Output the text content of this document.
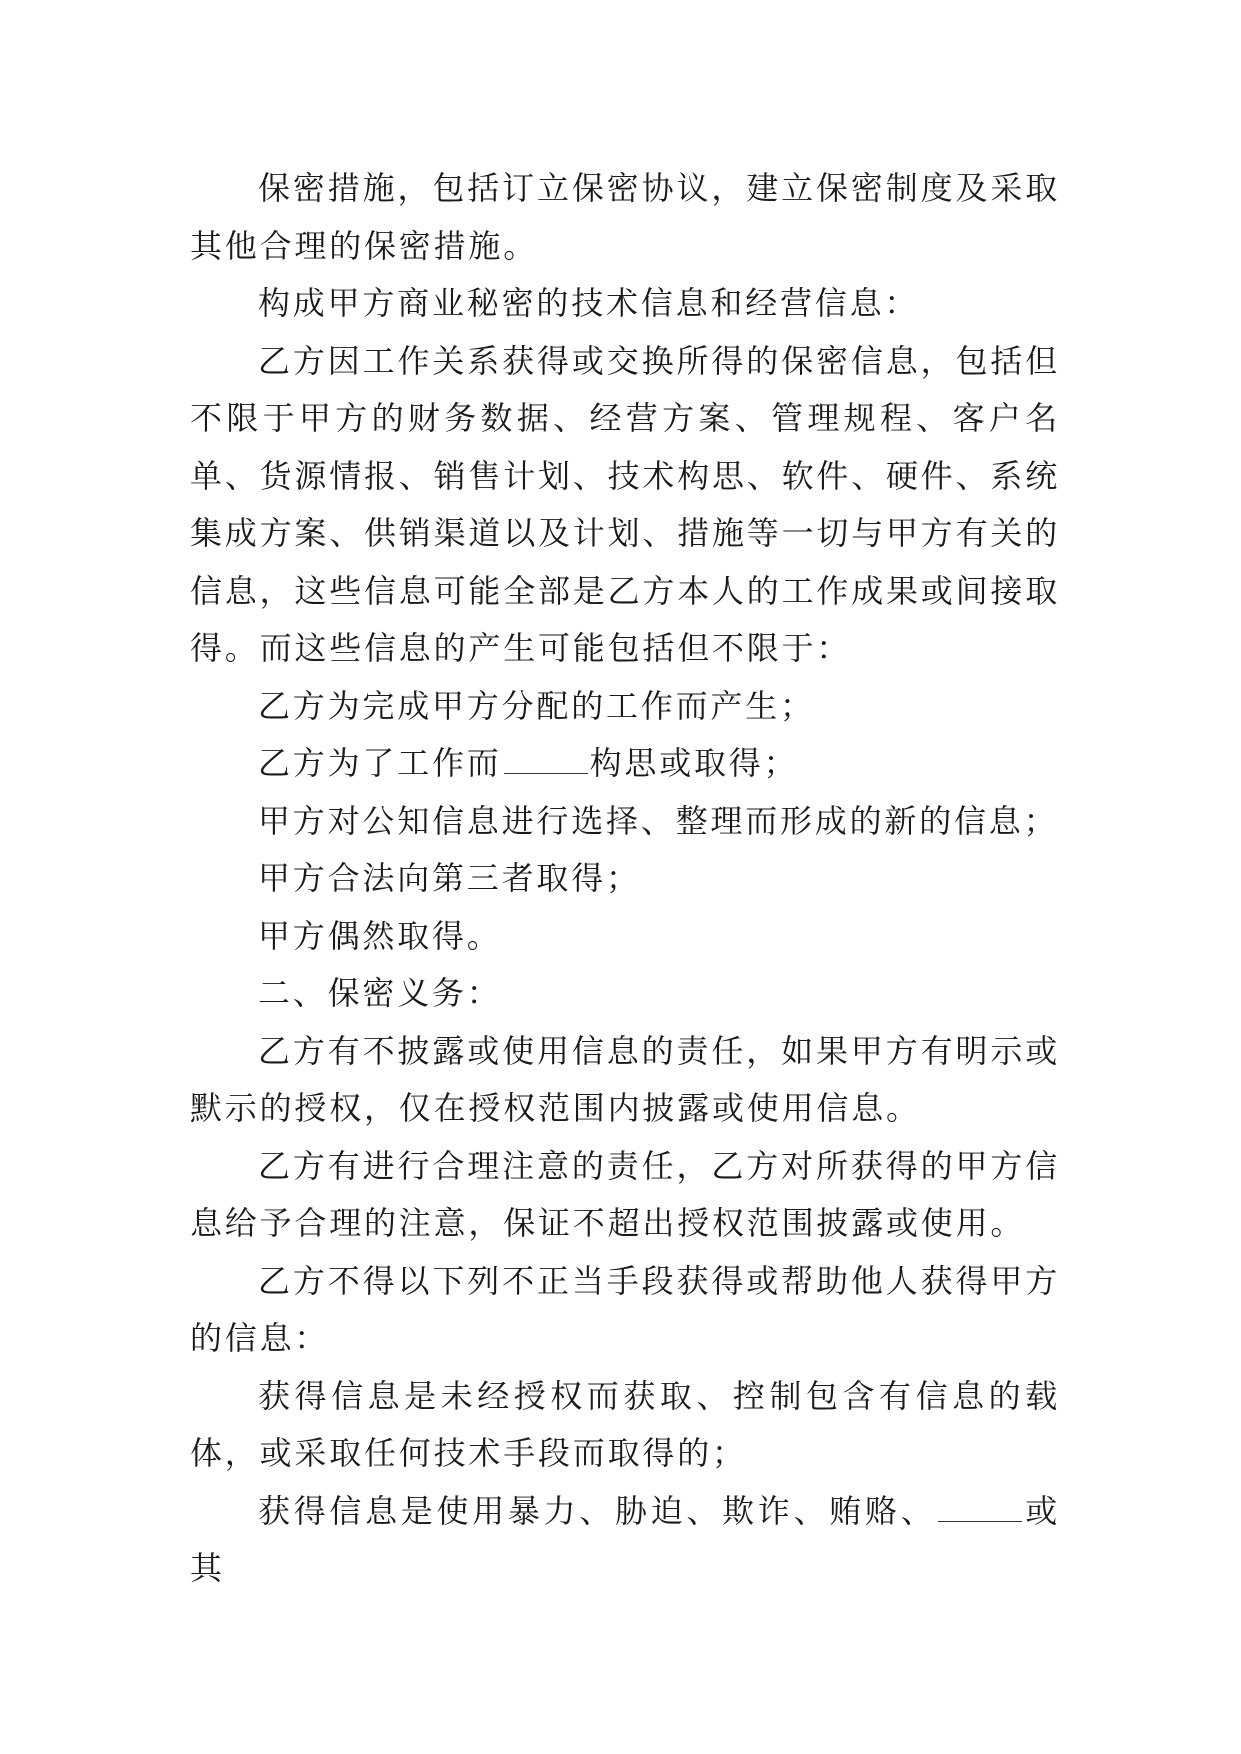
保密措施，包括订立保密协议，建立保密制度及采取其他合理的保密措施。

构成甲方商业秘密的技术信息和经营信息：

乙方因工作关系获得或交换所得的保密信息，包括但不限于甲方的财务数据、经营方案、管理规程、客户名单、货源情报、销售计划、技术构思、软件、硬件、系统集成方案、供销渠道以及计划、措施等一切与甲方有关的信息，这些信息可能全部是乙方本人的工作成果或间接取得。而这些信息的产生可能包括但不限于：

乙方为完成甲方分配的工作而产生；

乙方为了工作而	构思或取得；

甲方对公知信息进行选择、整理而形成的新的信息；

甲方合法向第三者取得；

甲方偶然取得。

二、保密义务：

乙方有不披露或使用信息的责任，如果甲方有明示或默示的授权，仅在授权范围内披露或使用信息。

乙方有进行合理注意的责任，乙方对所获得的甲方信息给予合理的注意，保证不超出授权范围披露或使用。

乙方不得以下列不正当手段获得或帮助他人获得甲方的信息：

获得信息是未经授权而获取、控制包含有信息的载体，或采取任何技术手段而取得的；

获得信息是使用暴力、胁迫、欺诈、贿赂、	或其
